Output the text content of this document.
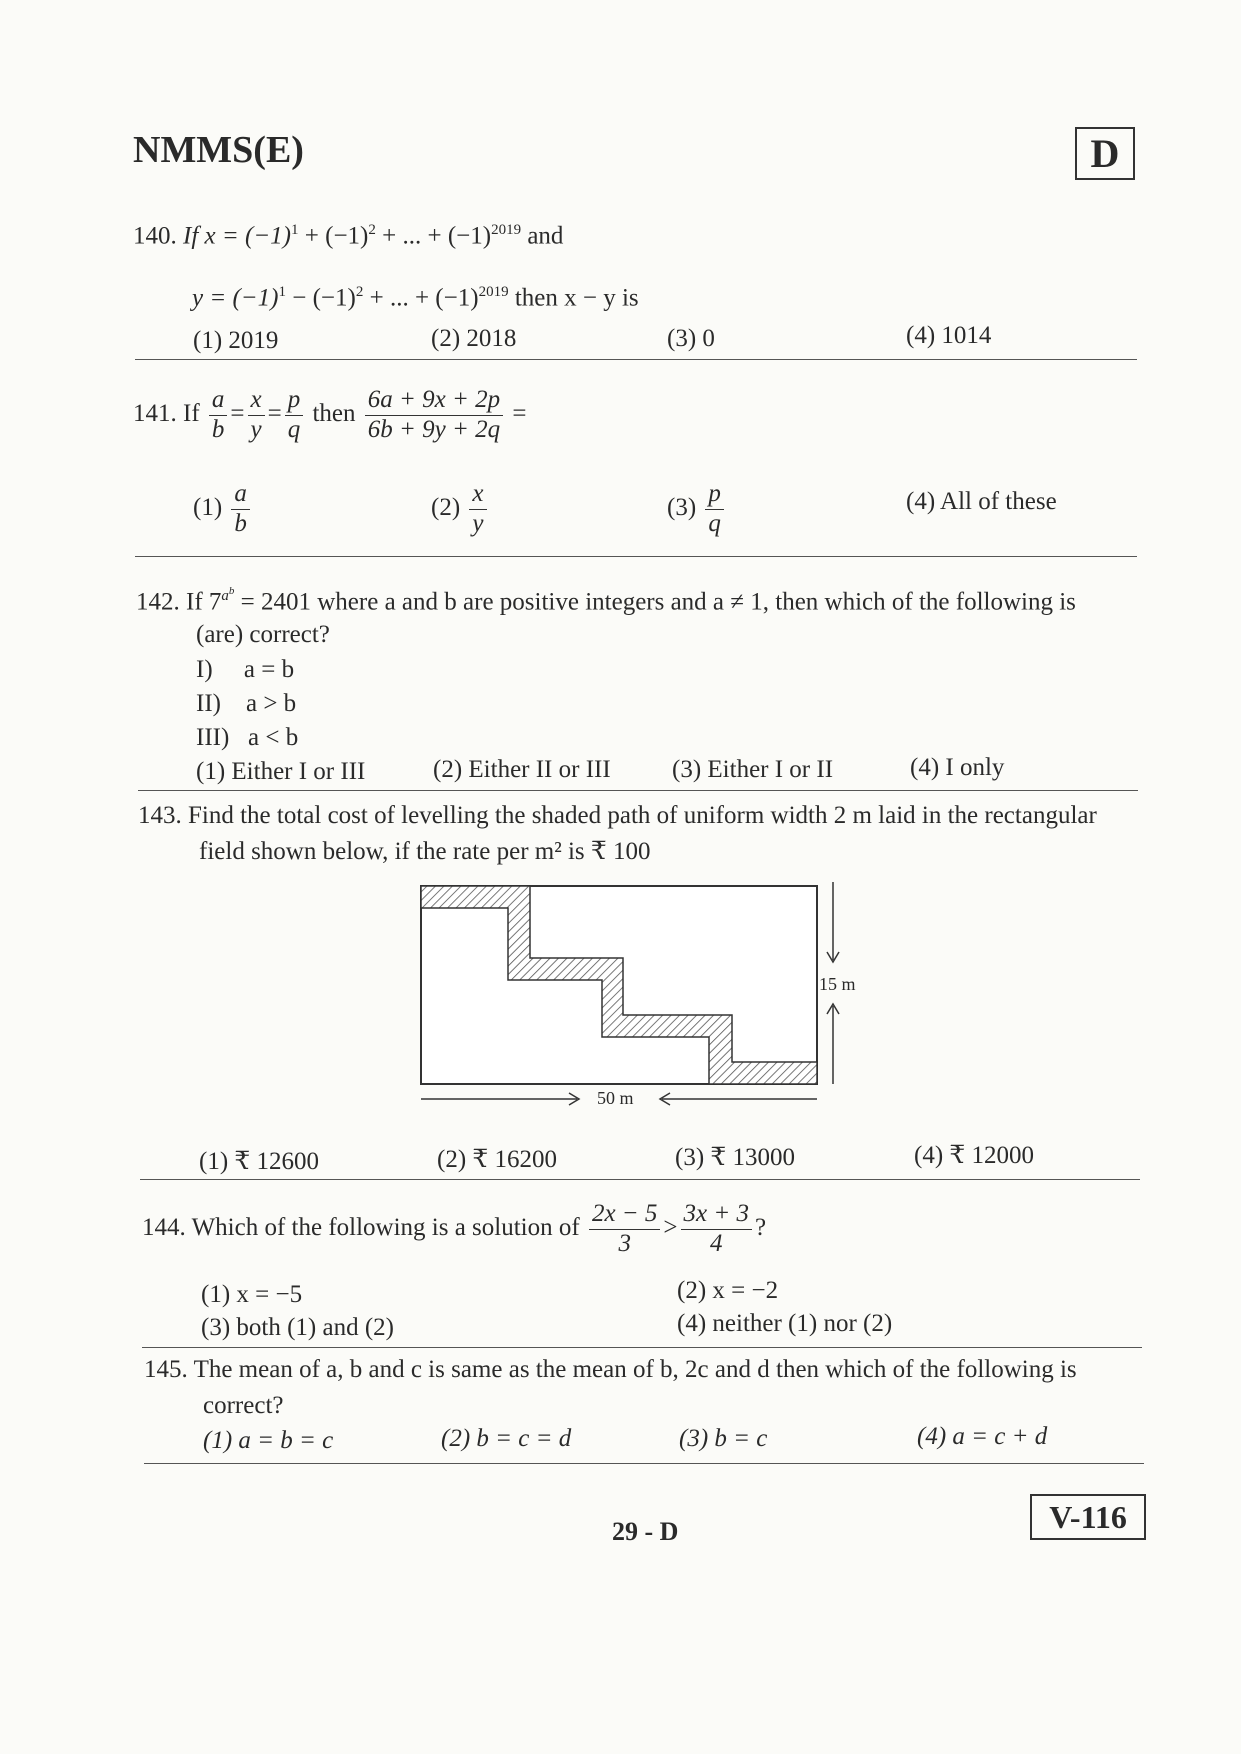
NMMS(E)	D
140. If $x = (-1)^1 + (-1)^2$ + ... + $(-1)^{2019}$ and
$y = (-1)^1 - (-1)^2$ + ... + $(-1)^{2019}$ then x − y is
(1) 2019	(2) 2018	(3) 0	(4) 1014
141. If $\frac{a}{b} = \frac{x}{y} = \frac{p}{q}$ then $\frac{6a + 9x + 2p}{6b + 9y + 2q}$ =
$(1) \frac{a}{b}$	$(2) \frac{x}{y}$	$(3) \frac{p}{q}$	(4) All of these
142. If $7^{a^b} = 2401$ where a and b are positive integers and a ≠ 1, then which of the following is
(are) correct?
I)     a = b
II)    a > b
III)   a < b
(1) Either I or III	(2) Either II or III (3) Either I or II	(4) I only
143. Find the total cost of levelling the shaded path of uniform width 2 m laid in the rectangular
field shown below, if the rate per m² is ₹ 100
15 m
50 m
(1) ₹ 12600	(2) ₹ 16200	(3) ₹ 13000	(4) ₹ 12000
144. Which of the following is a solution of $\frac{2x - 5}{3} > \frac{3x + 3}{4}$ ?
(1) x = −5	(2) x = −2
(3) both (1) and (2)	(4) neither (1) nor (2)
145. The mean of a, b and c is same as the mean of b, 2c and d then which of the following is
correct?
(1) a = b = c	(2) b = c = d	(3) b = c	(4) a = c + d
29 - D	V-116
